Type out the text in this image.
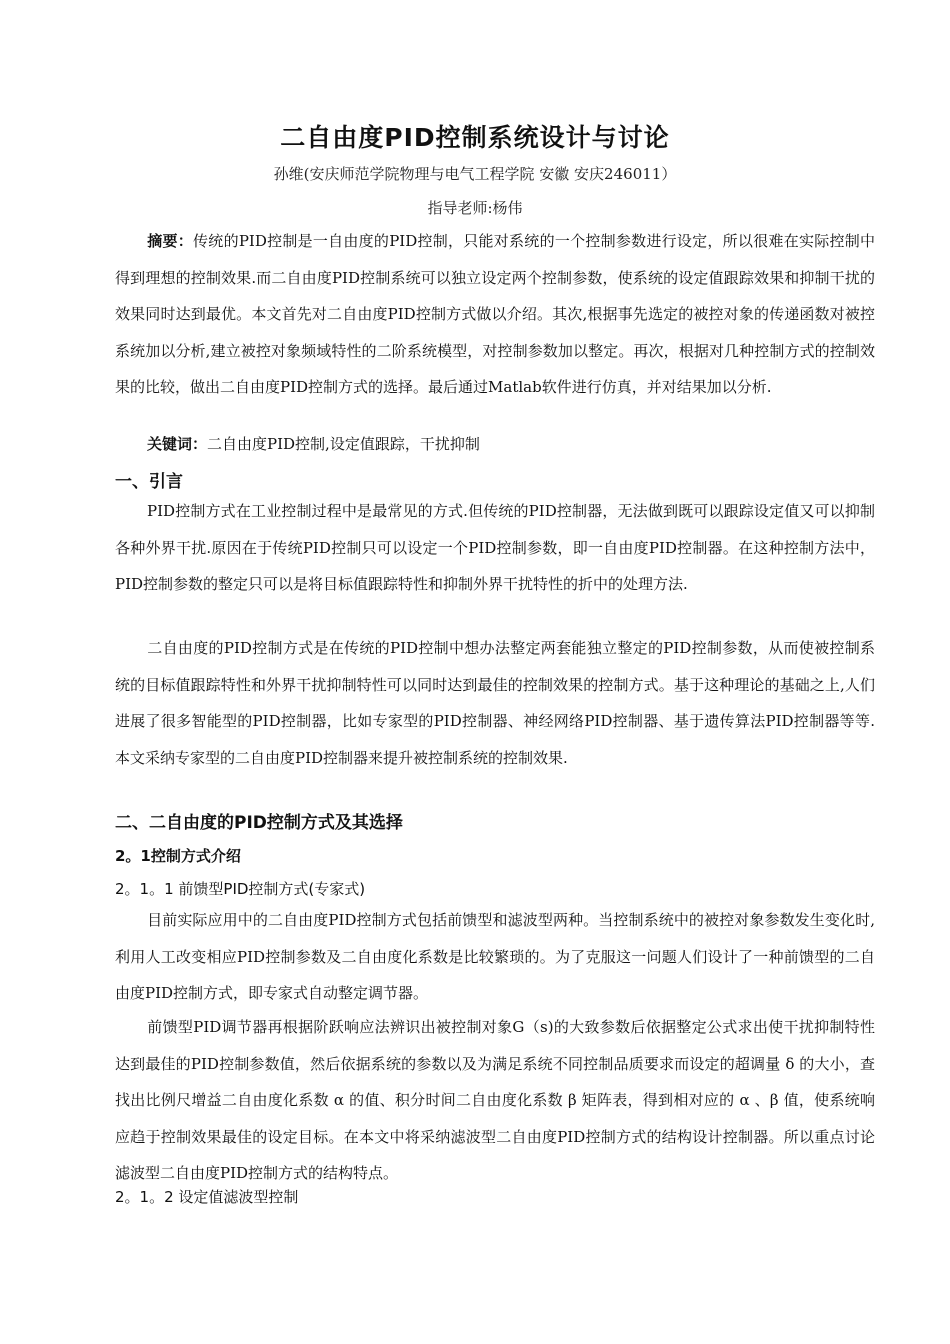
二自由度PID控制系统设计与讨论
孙维(安庆师范学院物理与电气工程学院 安徽 安庆246011）
指导老师:杨伟

摘要：传统的PID控制是一自由度的PID控制，只能对系统的一个控制参数进行设定，所以很难在实际控制中得到理想的控制效果.而二自由度PID控制系统可以独立设定两个控制参数，使系统的设定值跟踪效果和抑制干扰的效果同时达到最优。本文首先对二自由度PID控制方式做以介绍。其次,根据事先选定的被控对象的传递函数对被控系统加以分析,建立被控对象频域特性的二阶系统模型，对控制参数加以整定。再次，根据对几种控制方式的控制效果的比较，做出二自由度PID控制方式的选择。最后通过Matlab软件进行仿真，并对结果加以分析.

关键词：二自由度PID控制,设定值跟踪，干扰抑制

一、引言

PID控制方式在工业控制过程中是最常见的方式.但传统的PID控制器，无法做到既可以跟踪设定值又可以抑制各种外界干扰.原因在于传统PID控制只可以设定一个PID控制参数，即一自由度PID控制器。在这种控制方法中，PID控制参数的整定只可以是将目标值跟踪特性和抑制外界干扰特性的折中的处理方法.

二自由度的PID控制方式是在传统的PID控制中想办法整定两套能独立整定的PID控制参数，从而使被控制系统的目标值跟踪特性和外界干扰抑制特性可以同时达到最佳的控制效果的控制方式。基于这种理论的基础之上,人们进展了很多智能型的PID控制器，比如专家型的PID控制器、神经网络PID控制器、基于遗传算法PID控制器等等.本文采纳专家型的二自由度PID控制器来提升被控制系统的控制效果.

二、二自由度的PID控制方式及其选择
2。1控制方式介绍
2。1。1 前馈型PID控制方式(专家式)

目前实际应用中的二自由度PID控制方式包括前馈型和滤波型两种。当控制系统中的被控对象参数发生变化时,利用人工改变相应PID控制参数及二自由度化系数是比较繁琐的。为了克服这一问题人们设计了一种前馈型的二自由度PID控制方式，即专家式自动整定调节器。

前馈型PID调节器再根据阶跃响应法辨识出被控制对象G（s)的大致参数后依据整定公式求出使干扰抑制特性达到最佳的PID控制参数值，然后依据系统的参数以及为满足系统不同控制品质要求而设定的超调量 δ 的大小，查找出比例尺增益二自由度化系数 α 的值、积分时间二自由度化系数 β 矩阵表，得到相对应的 α 、β 值，使系统响应趋于控制效果最佳的设定目标。在本文中将采纳滤波型二自由度PID控制方式的结构设计控制器。所以重点讨论滤波型二自由度PID控制方式的结构特点。

2。1。2 设定值滤波型控制
